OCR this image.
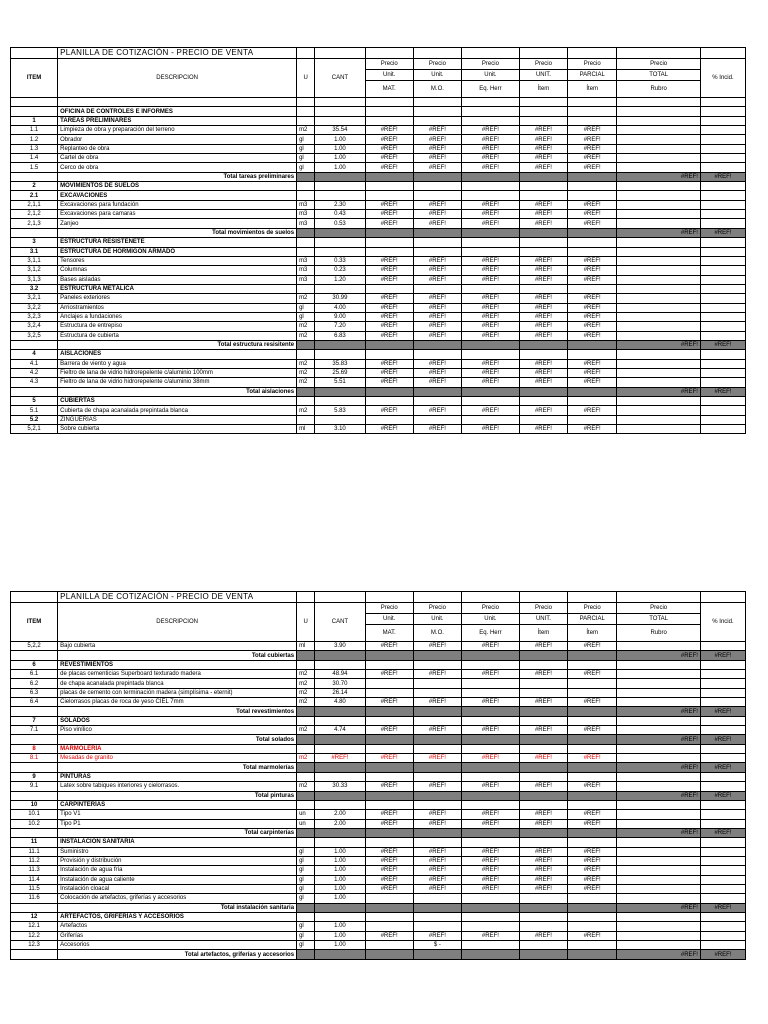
	PLANILLA DE COTIZACIÓN - PRECIO DE VENTA									
ITEM	DESCRIPCION	U	CANT	Precio	Precio	Precio	Precio	Precio	Precio	% Incid.
				Unit.	Unit.	Unit.	UNIT.	PARCIAL	TOTAL	
				MAT.	M.O.	Eq. Herr	Ítem	Ítem	Rubro	

	OFICINA DE CONTROLES E INFORMES									
1	TAREAS PRELIMINARES									
1.1	Limpieza de obra y preparación del terreno	m2	35.54	#REF!	#REF!	#REF!	#REF!	#REF!		
1.2	Obrador	gl	1.00	#REF!	#REF!	#REF!	#REF!	#REF!		
1.3	Replanteo de obra	gl	1.00	#REF!	#REF!	#REF!	#REF!	#REF!		
1.4	Cartel de obra	gl	1.00	#REF!	#REF!	#REF!	#REF!	#REF!		
1.5	Cerco de obra	gl	1.00	#REF!	#REF!	#REF!	#REF!	#REF!		
	Total tareas preliminares								#REF!	#REF!
2	MOVIMIENTOS DE SUELOS									
2.1	EXCAVACIONES									
2,1,1	Excavaciones para fundación	m3	2.30	#REF!	#REF!	#REF!	#REF!	#REF!		
2,1,2	Excavaciones para camaras	m3	0.43	#REF!	#REF!	#REF!	#REF!	#REF!		
2,1,3	Zanjeo	m3	0.53	#REF!	#REF!	#REF!	#REF!	#REF!		
	Total movimientos de suelos								#REF!	#REF!
3	ESTRUCTURA RESISTENETE									
3.1	ESTRUCTURA DE HORMIGÓN ARMADO									
3,1,1	Tensores	m3	0.33	#REF!	#REF!	#REF!	#REF!	#REF!		
3,1,2	Columnas	m3	0.23	#REF!	#REF!	#REF!	#REF!	#REF!		
3,1,3	Bases aisladas	m3	1.20	#REF!	#REF!	#REF!	#REF!	#REF!		
3.2	ESTRUCTURA METÁLICA									
3,2,1	Paneles exteriores	m2	30.99	#REF!	#REF!	#REF!	#REF!	#REF!		
3,2,2	Arriostramientos	gl	4.00	#REF!	#REF!	#REF!	#REF!	#REF!		
3,2,3	Anclajes a fundaciones	gl	9.00	#REF!	#REF!	#REF!	#REF!	#REF!		
3,2,4	Estructura de entrepiso	m2	7.20	#REF!	#REF!	#REF!	#REF!	#REF!		
3,2,5	Estructura de cubierta	m2	6.83	#REF!	#REF!	#REF!	#REF!	#REF!		
	Total estructura resisitente								#REF!	#REF!
4	AISLACIONES									
4.1	Barrera de viento y agua	m2	35.83	#REF!	#REF!	#REF!	#REF!	#REF!		
4.2	Fieltro de lana de vidrio hidrorepelente c/aluminio 100mm	m2	25.69	#REF!	#REF!	#REF!	#REF!	#REF!		
4.3	Fieltro de lana de vidrio hidrorepelente c/aluminio 38mm	m2	5.51	#REF!	#REF!	#REF!	#REF!	#REF!		
	Total aislaciones								#REF!	#REF!
5	CUBIERTAS									
5.1	Cubierta de chapa acanalada prepintada blanca	m2	5.83	#REF!	#REF!	#REF!	#REF!	#REF!		
5.2	ZINGUERÍAS									
5,2,1	Sobre cubierta	ml	3.10	#REF!	#REF!	#REF!	#REF!	#REF!		
	PLANILLA DE COTIZACIÓN - PRECIO DE VENTA									
ITEM	DESCRIPCION	U	CANT	Precio	Precio	Precio	Precio	Precio	Precio	% Incid.
				Unit.	Unit.	Unit.	UNIT.	PARCIAL	TOTAL	
				MAT.	M.O.	Eq. Herr	Ítem	Ítem	Rubro	
5,2,2	Bajo cubierta	ml	3.90	#REF!	#REF!	#REF!	#REF!	#REF!		
	Total cubiertas								#REF!	#REF!
6	REVESTIMIENTOS									
6.1	de placas cementicias Superboard texturado madera	m2	48.94	#REF!	#REF!	#REF!	#REF!	#REF!		
6.2	de chapa acanalada prepintada blanca	m2	30.70							
6.3	placas de cemento con terminación madera (simplísima - eternit)	m2	26.14							
6.4	Cielorrasos placas de roca de yeso CIEL 7mm	m2	4.80	#REF!	#REF!	#REF!	#REF!	#REF!		
	Total revestimientos								#REF!	#REF!
7	SOLADOS									
7.1	Piso vinílico	m2	4.74	#REF!	#REF!	#REF!	#REF!	#REF!		
	Total solados								#REF!	#REF!
8	MARMOLERÍA									
8.1	Mesadas de granito	m2	#REF!	#REF!	#REF!	#REF!	#REF!	#REF!		
	Total marmolerías								#REF!	#REF!
9	PINTURAS									
9.1	Latex sobre tabiques interiores y cielorrasos.	m2	30.33	#REF!	#REF!	#REF!	#REF!	#REF!		
	Total pinturas								#REF!	#REF!
10	CARPINTERÍAS									
10.1	Tipo V1	un	2.00	#REF!	#REF!	#REF!	#REF!	#REF!		
10.2	Tipo P1	un	2.00	#REF!	#REF!	#REF!	#REF!	#REF!		
	Total carpinterías								#REF!	#REF!
11	INSTALACIÓN SANITARIA									
11.1	Suministro	gl	1.00	#REF!	#REF!	#REF!	#REF!	#REF!		
11.2	Provisión y distribución	gl	1.00	#REF!	#REF!	#REF!	#REF!	#REF!		
11.3	Instalación de agua fría	gl	1.00	#REF!	#REF!	#REF!	#REF!	#REF!		
11.4	Instalación de agua caliente	gl	1.00	#REF!	#REF!	#REF!	#REF!	#REF!		
11.5	Instalación cloacal	gl	1.00	#REF!	#REF!	#REF!	#REF!	#REF!		
11.6	Colocación de artefactos, griferías y accesorios	gl	1.00							
	Total instalación sanitaria								#REF!	#REF!
12	ARTEFACTOS, GRIFERÍAS Y ACCESORIOS									
12.1	Artefactos	gl	1.00							
12.2	Griferías	gl	1.00	#REF!	#REF!	#REF!	#REF!	#REF!		
12.3	Accesorios	gl	1.00		$ -					
	Total artefactos, griferías y accesorios								#REF!	#REF!
